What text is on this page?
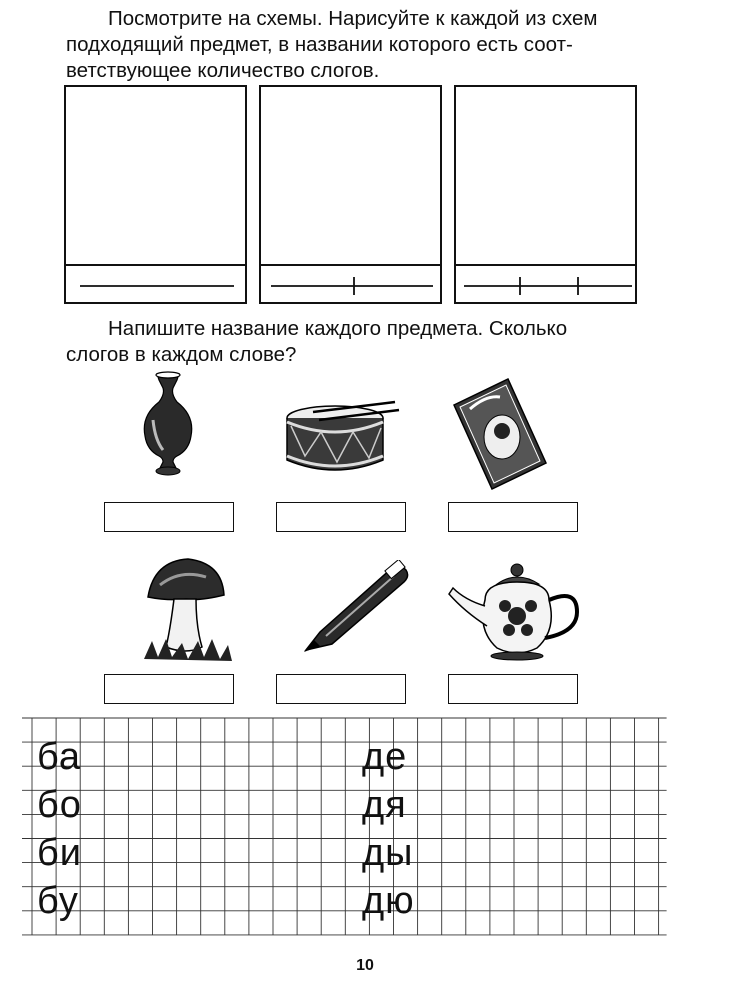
Посмотрите на схемы. Нарисуйте к каждой из схем
подходящий предмет, в названии которого есть соот-
ветствующее количество слогов.

Напишите название каждого предмета. Сколько
слогов в каждом слове?

ба
бо
би
бу
де
дя
ды
дю
10
